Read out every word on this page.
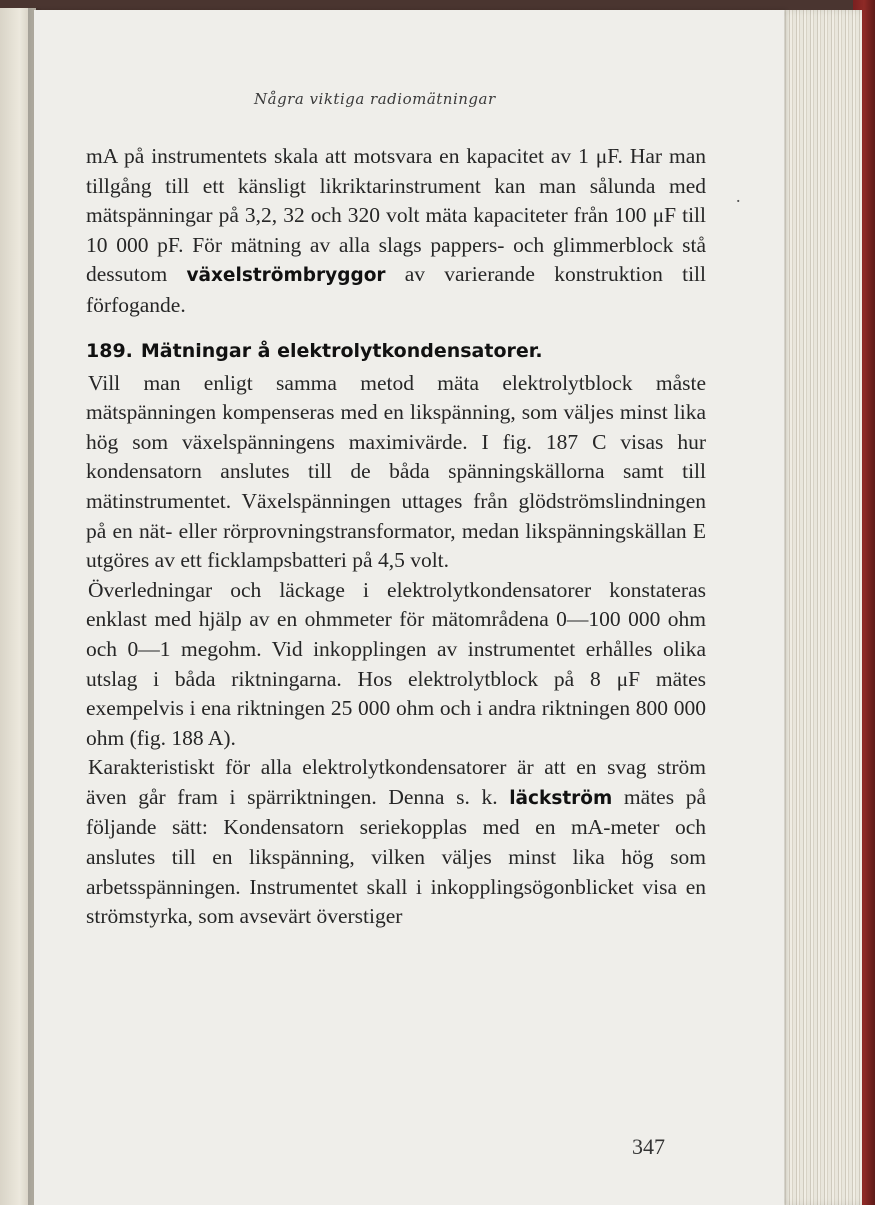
Några viktiga radiomätningar
.

mA på instrumentets skala att motsvara en kapacitet av 1 μF. Har man tillgång till ett känsligt likriktarinstrument kan man sålunda med mätspänningar på 3,2, 32 och 320 volt mäta kapaciteter från 100 μF till 10 000 pF. För mätning av alla slags pappers- och glimmerblock stå dessutom växelströmbryggor av varierande konstruktion till förfogande.

189. Mätningar å elektrolytkondensatorer.

Vill man enligt samma metod mäta elektrolytblock måste mätspänningen kompenseras med en likspänning, som väljes minst lika hög som växelspänningens maximivärde. I fig. 187 C visas hur kondensatorn anslutes till de båda spänningskällorna samt till mätinstrumentet. Växelspänningen uttages från glödströmslindningen på en nät- eller rörprovningstransformator, medan likspänningskällan E utgöres av ett ficklampsbatteri på 4,5 volt.

Överledningar och läckage i elektrolytkondensatorer konstateras enklast med hjälp av en ohmmeter för mätområdena 0—100 000 ohm och 0—1 megohm. Vid inkopplingen av instrumentet erhålles olika utslag i båda riktningarna. Hos elektrolytblock på 8 μF mätes exempelvis i ena riktningen 25 000 ohm och i andra riktningen 800 000 ohm (fig. 188 A).

Karakteristiskt för alla elektrolytkondensatorer är att en svag ström även går fram i spärriktningen. Denna s. k. läckström mätes på följande sätt: Kondensatorn seriekopplas med en mA-meter och anslutes till en likspänning, vilken väljes minst lika hög som arbetsspänningen. Instrumentet skall i inkopplingsögonblicket visa en strömstyrka, som avsevärt överstiger

347
